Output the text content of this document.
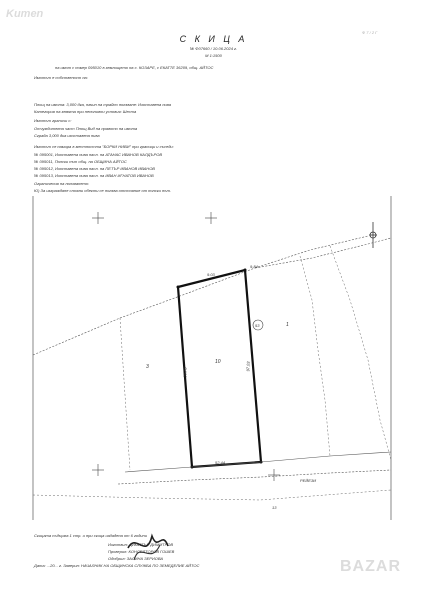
Kumen
Ф 7 / 2 Г
С К И Ц А
№ Ф07660 / 10.06.2024 г.
М 1:1500
на имот с номер 095010 в землището на с. КОЗАРЕ, с ЕКАТТЕ 36209, общ. АЙТОС
Имотът е собственост на:
Площ на имота: 3,000 дка, начин на трайно ползване: Изоставена нива
Категория на земята при неполивни условия: Шеста
Имотът граничи с:
Отчуждителна част Площ Вид на правото на имота
Сграда 3,000 дка изоставена нива
Имотът се намира в местността "БОРКИ НИВИ" при граници и съседи:
№ 095001, Изоставена нива насл. на АТАНАС ИВАНОВ КАЛДЪРОВ
№ 095011, Полски път общ. на ОБЩИНА АЙТОС
№ 095012, Изоставена нива насл. на ПЕТЪР ИВАНОВ ИВАНОВ
№ 095013, Изоставена нива насл. на ИВАН ИГНАТОВ ИВАНОВ
Ограничения на ползването:
Ю) За изграждане сложни обекти се ползва отстояние от полски път.
10
3
1
9.03
9.84
52.44
98.70
97.03
53
РЕЙЕЗИ
13
Скицата съдържа 1 стр. и при скица издадена от 6 години
Изготвил: ДИМИТЪР ДИМИТРОВ
Проверил: КОНСЕЛТОРОВ ГОШЕВ
Одобрил: ЗАЛИНА ЗЕРИОВА
Дата: ...20... г. Заверил: НАЧАЛНИК НА ОБЩИНСКА СЛУЖБА ПО ЗЕМЕДЕЛИЕ АЙТОС	BAZAR
